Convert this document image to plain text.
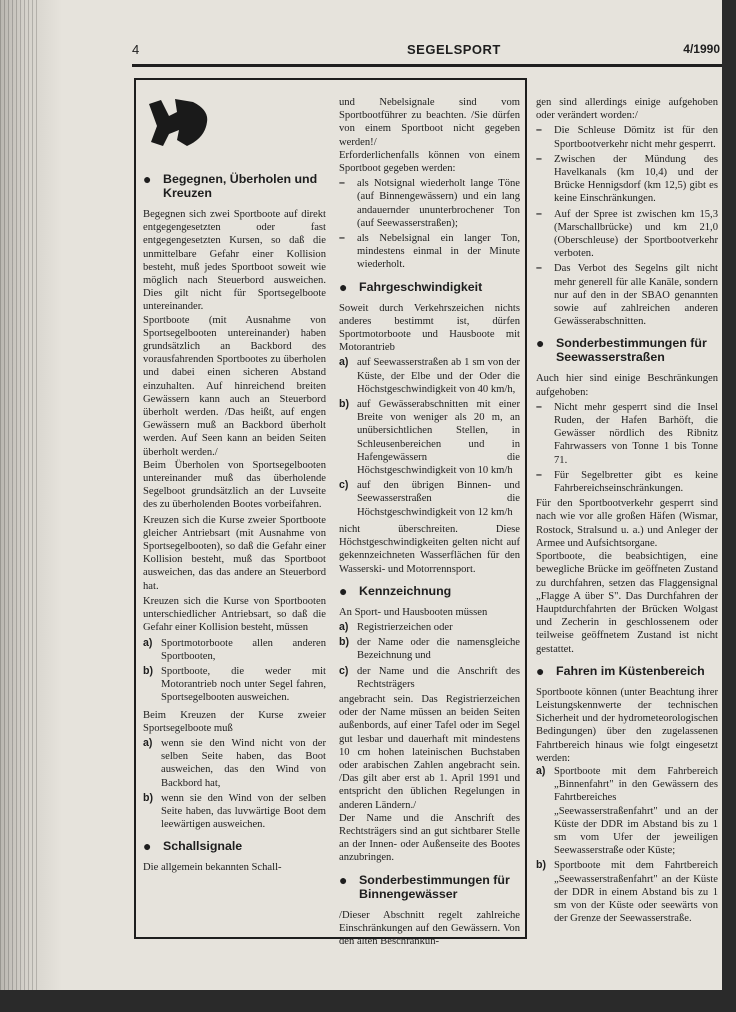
4	SEGELSPORT	4/1990
● Begegnen, Überholen und
Kreuzen

Begegnen sich zwei Sportboote auf direkt entgegengesetzten oder fast entgegengesetzten Kursen, so daß die unmittelbare Gefahr einer Kollision besteht, muß jedes Sportboot soweit wie möglich nach Steuerbord ausweichen. Dies gilt nicht für Sportsegelboote untereinander.

Sportboote (mit Ausnahme von Sportsegelbooten untereinander) haben grundsätzlich an Backbord des vorausfahrenden Sportbootes zu überholen und dabei einen sicheren Abstand einzuhalten. Auf hinreichend breiten Gewässern kann auch an Steuerbord überholt werden. /Das heißt, auf engen Gewässern muß an Backbord überholt werden. Auf Seen kann an beiden Seiten überholt werden./

Beim Überholen von Sportsegelbooten untereinander muß das überholende Segelboot grundsätzlich an der Luvseite des zu überholenden Bootes vorbeifahren.

Kreuzen sich die Kurse zweier Sportboote gleicher Antriebsart (mit Ausnahme von Sportsegelbooten), so daß die Gefahr einer Kollision besteht, muß das Sportboot ausweichen, das das andere an Steuerbord hat.

Kreuzen sich die Kurse von Sportbooten unterschiedlicher Antriebsart, so daß die Gefahr einer Kollision besteht, müssen

a) Sportmotorboote allen anderen Sportbooten,
b) Sportboote, die weder mit Motorantrieb noch unter Segel fahren, Sportsegelbooten ausweichen.

Beim Kreuzen der Kurse zweier Sportsegelboote muß

a) wenn sie den Wind nicht von der selben Seite haben, das Boot ausweichen, das den Wind von Backbord hat,
b) wenn sie den Wind von der selben Seite haben, das luvwärtige Boot dem leewärtigen ausweichen.
● Schallsignale

Die allgemein bekannten Schall-

und Nebelsignale sind vom Sportbootführer zu beachten. /Sie dürfen von einem Sportboot nicht gegeben werden!/

Erforderlichenfalls können von einem Sportboot gegeben werden:

–	als Notsignal wiederholt lange Töne (auf Binnengewässern) und ein lang andauernder ununterbrochener Ton (auf Seewasserstraßen);
–	als Nebelsignal ein langer Ton, mindestens einmal in der Minute wiederholt.
● Fahrgeschwindigkeit

Soweit durch Verkehrszeichen nichts anderes bestimmt ist, dürfen Sportmotorboote und Hausboote mit Motorantrieb

a) auf Seewasserstraßen ab 1 sm von der Küste, der Elbe und der Oder die Höchstgeschwindigkeit von 40 km/h,
b) auf Gewässerabschnitten mit einer Breite von weniger als 20 m, an unübersichtlichen Stellen, in Schleusenbereichen und in Hafengewässern die Höchstgeschwindigkeit von 10 km/h
c) auf den übrigen Binnen- und Seewasserstraßen die Höchstgeschwindigkeit von 12 km/h

nicht überschreiten. Diese Höchstgeschwindigkeiten gelten nicht auf gekennzeichneten Wasserflächen für den Wasserski- und Motorrennsport.

● Kennzeichnung

An Sport- und Hausbooten müssen

a) Registrierzeichen oder
b) der Name oder die namensgleiche Bezeichnung und
c) der Name und die Anschrift des Rechtsträgers

angebracht sein. Das Registrierzeichen oder der Name müssen an beiden Seiten außenbords, auf einer Tafel oder im Segel gut lesbar und dauerhaft mit mindestens 10 cm hohen lateinischen Buchstaben oder arabischen Zahlen angebracht sein. /Das gilt aber erst ab 1. April 1991 und entspricht den üblichen Regelungen in anderen Ländern./

Der Name und die Anschrift des Rechtsträgers sind an gut sichtbarer Stelle an der Innen- oder Außenseite des Bootes anzubringen.

● Sonderbestimmungen für
Binnengewässer

/Dieser Abschnitt regelt zahlreiche Einschränkungen auf den Gewässern. Von den alten Beschränkun-

gen sind allerdings einige aufgehoben oder verändert worden:/

–	Die Schleuse Dömitz ist für den Sportbootverkehr nicht mehr gesperrt.
–	Zwischen der Mündung des Havelkanals (km 10,4) und der Brücke Hennigsdorf (km 12,5) gibt es keine Einschränkungen.
–	Auf der Spree ist zwischen km 15,3 (Marschallbrücke) und km 21,0 (Oberschleuse) der Sportbootverkehr verboten.
–	Das Verbot des Segelns gilt nicht mehr generell für alle Kanäle, sondern nur auf den in der SBAO genannten sowie auf zahlreichen anderen Gewässerabschnitten.
● Sonderbestimmungen für
Seewasserstraßen

Auch hier sind einige Beschränkungen aufgehoben:

–	Nicht mehr gesperrt sind die Insel Ruden, der Hafen Barhöft, die Gewässer nördlich des Ribnitz Fahrwassers von Tonne 1 bis Tonne 71.
–	Für Segelbretter gibt es keine Fahrbereichseinschränkungen.

Für den Sportbootverkehr gesperrt sind nach wie vor alle großen Häfen (Wismar, Rostock, Stralsund u. a.) und Anleger der Armee und Aufsichtsorgane.

Sportboote, die beabsichtigen, eine bewegliche Brücke im geöffneten Zustand zu durchfahren, setzen das Flaggensignal „Flagge A über S". Das Durchfahren der Hauptdurchfahrten der Brücken Wolgast und Zecherin in geschlossenem oder teilweise geöffnetem Zustand ist nicht gestattet.

● Fahren im Küstenbereich

Sportboote können (unter Beachtung ihrer Leistungskennwerte der technischen Sicherheit und der hydrometeorologischen Bedingungen) über den zugelassenen Fahrtbereich hinaus wie folgt eingesetzt werden:

a) Sportboote mit dem Fahrbereich „Binnenfahrt" in den Gewässern des Fahrtbereiches „Seewasserstraßenfahrt" und an der Küste der DDR im Abstand bis zu 1 sm vom Ufer der jeweiligen Seewasserstraße oder Küste;
b) Sportboote mit dem Fahrtbereich „Seewasserstraßenfahrt" an der Küste der DDR in einem Abstand bis zu 1 sm von der Küste oder seewärts von der Grenze der Seewasserstraße.
